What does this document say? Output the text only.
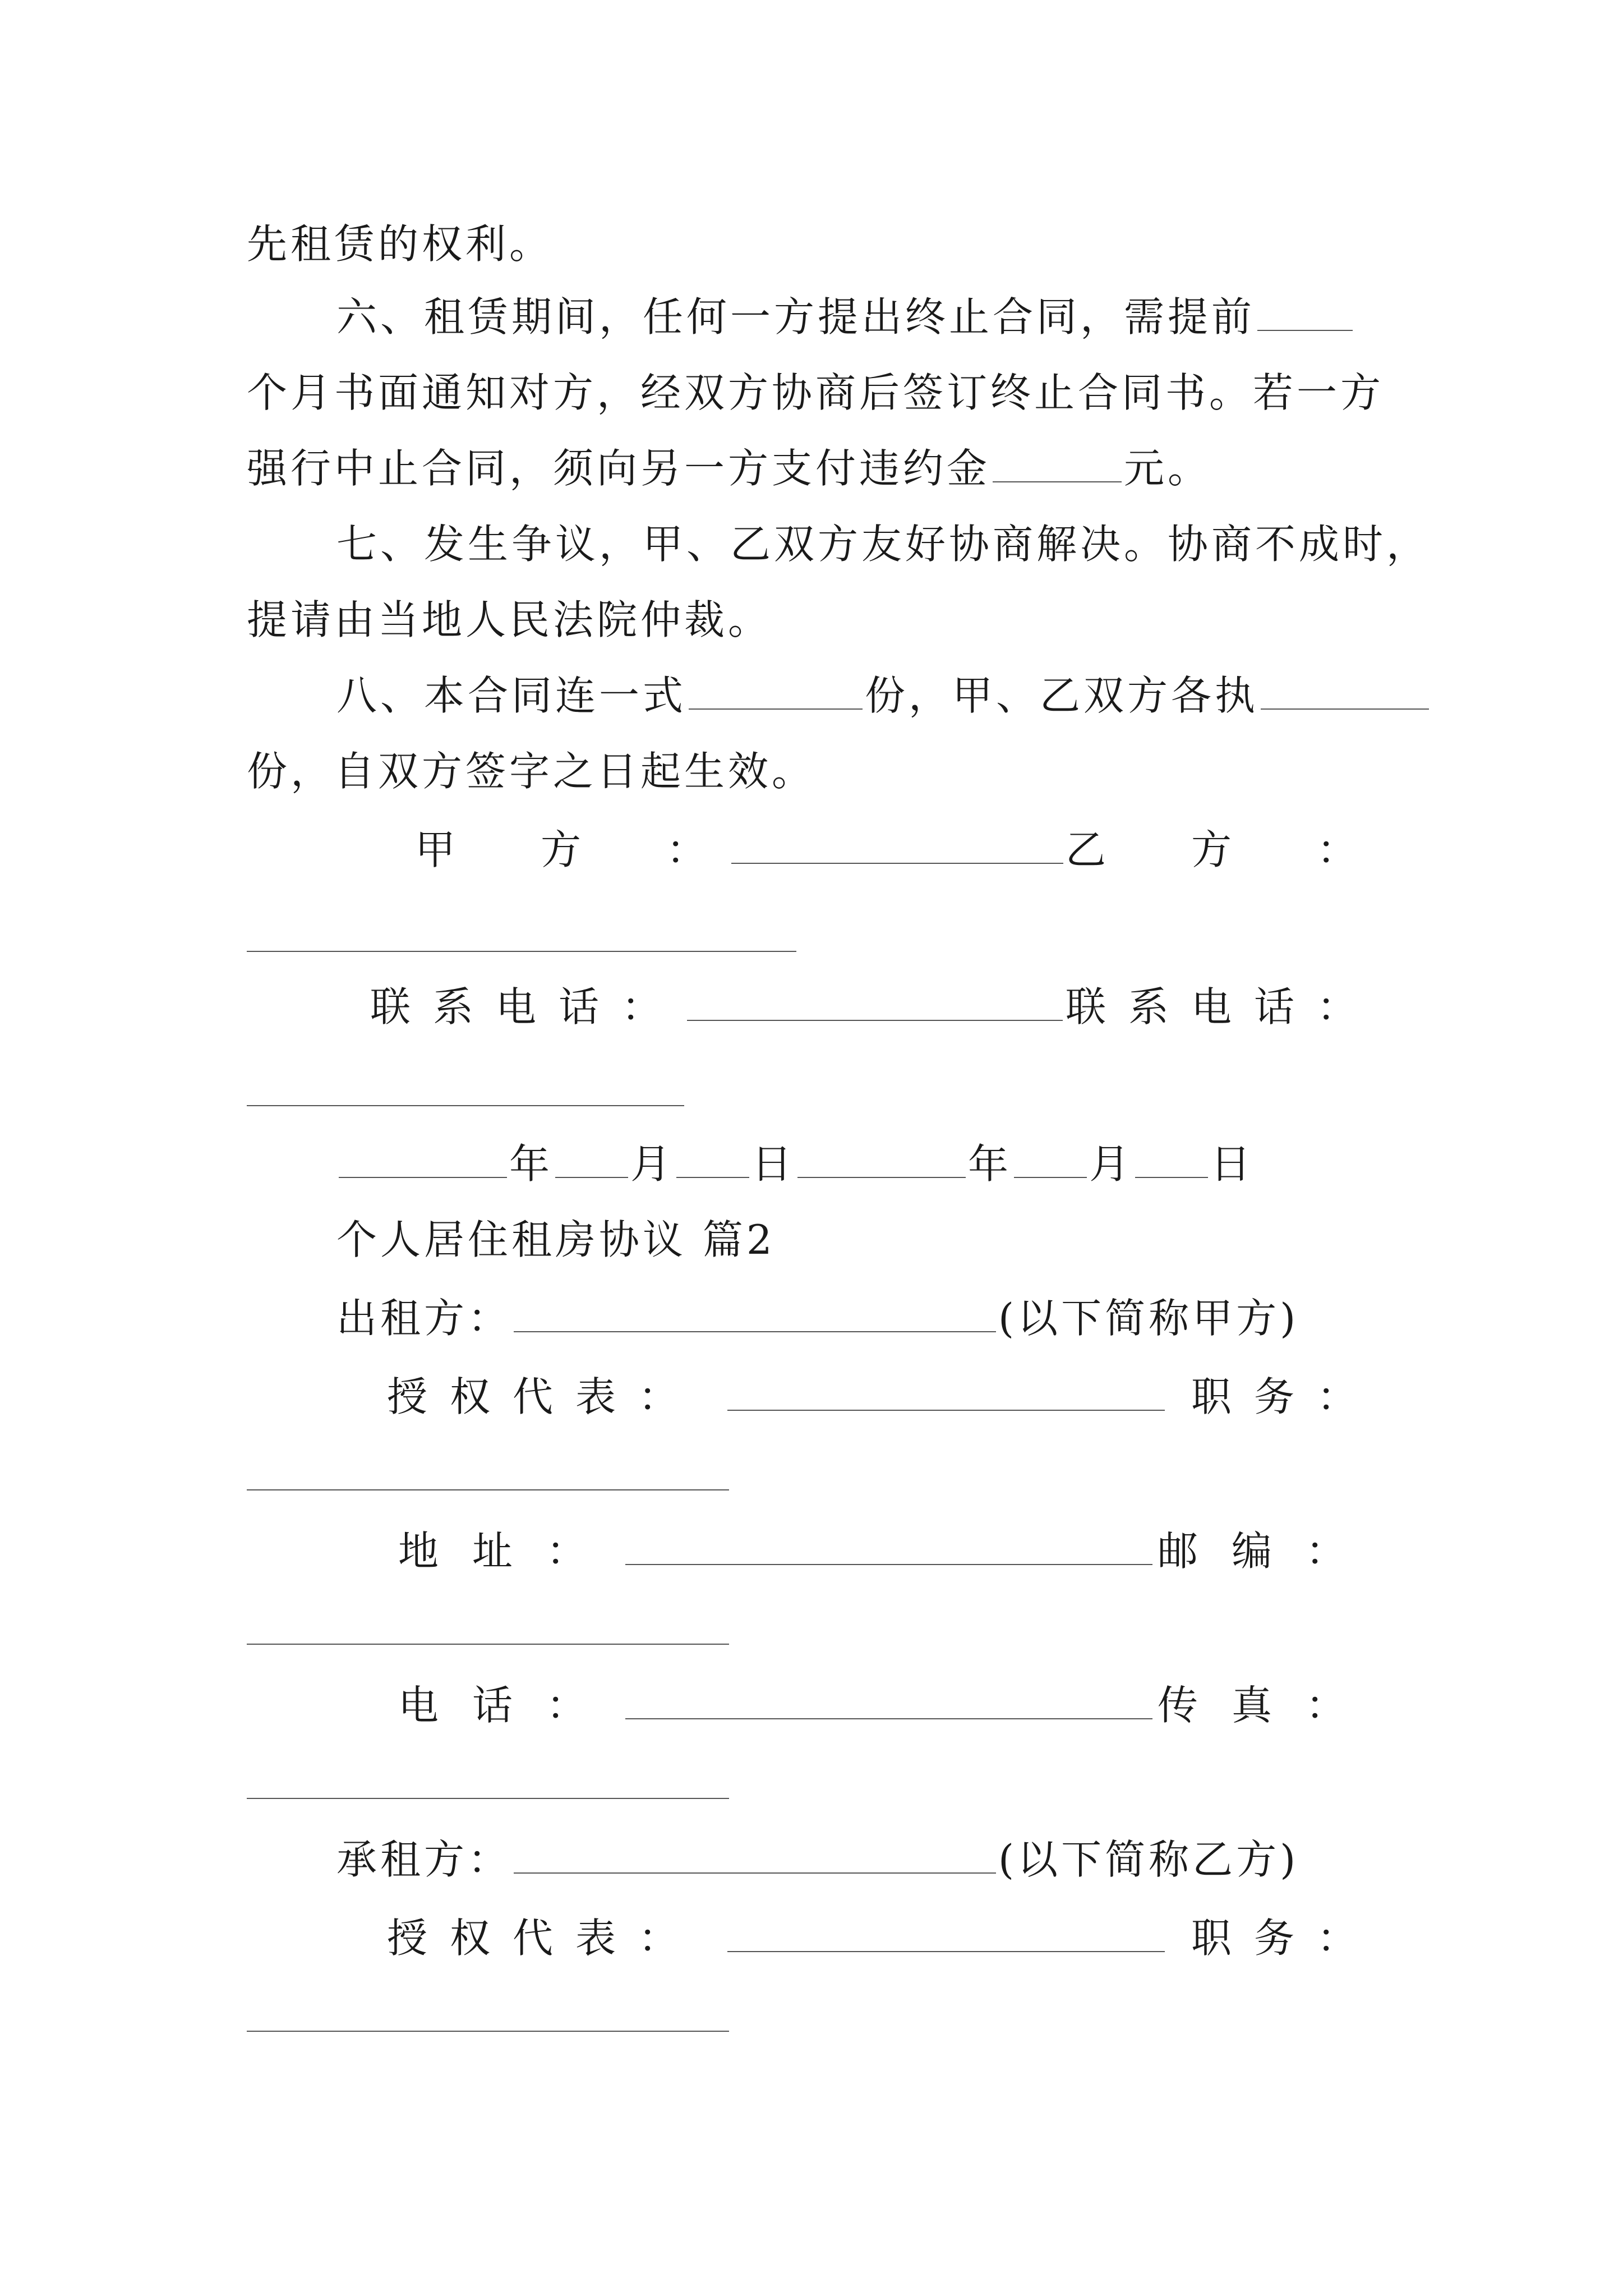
先租赁的权利。
六、租赁期间，任何一方提出终止合同，需提前
个月书面通知对方，经双方协商后签订终止合同书。若一方
强行中止合同，须向另一方支付违约金	元。
七、发生争议，甲、乙双方友好协商解决。协商不成时，
提请由当地人民法院仲裁。
八、本合同连一式	份，甲、乙双方各执
份，自双方签字之日起生效。
甲　方　：	乙　方　：
联系电话：	联系电话：
年 月 日	年 月 日
个人居住租房协议 篇2
出租方：	(以下简称甲方)
授权代表：	职务：
地址：	邮编：
电话：	传真：
承租方：	(以下简称乙方)
授权代表：	职务：
